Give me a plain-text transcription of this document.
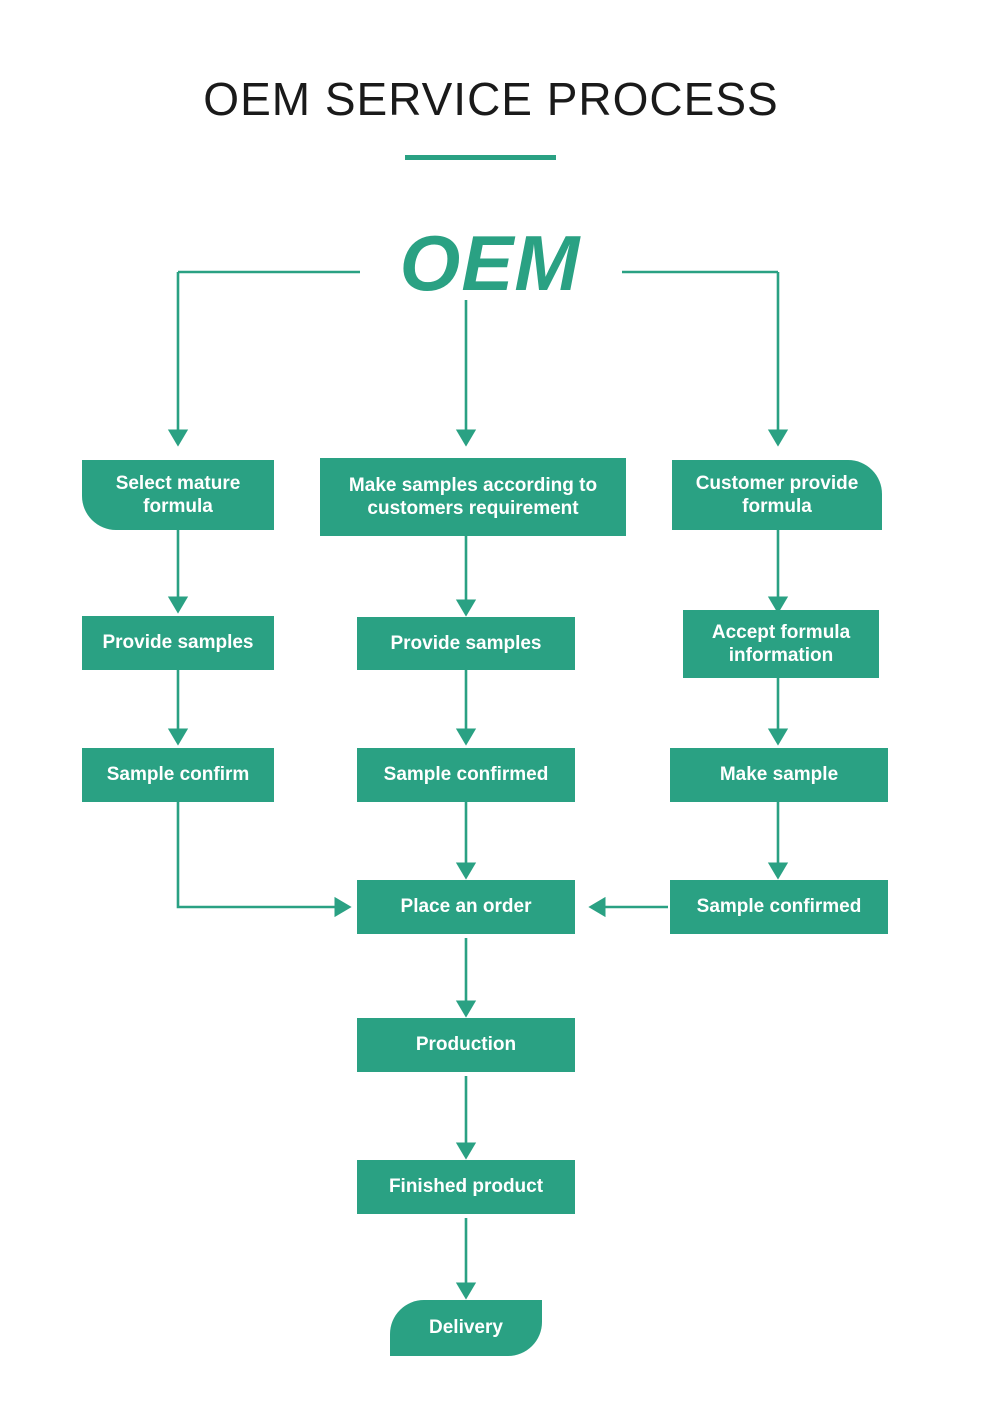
OEM SERVICE PROCESS
OEM
Select mature formula
Provide samples
Sample confirm
Make samples according to customers requirement
Provide samples
Sample confirmed
Customer provide formula
Accept formula information
Make sample
Sample confirmed
Place an order
Production
Finished product
Delivery
